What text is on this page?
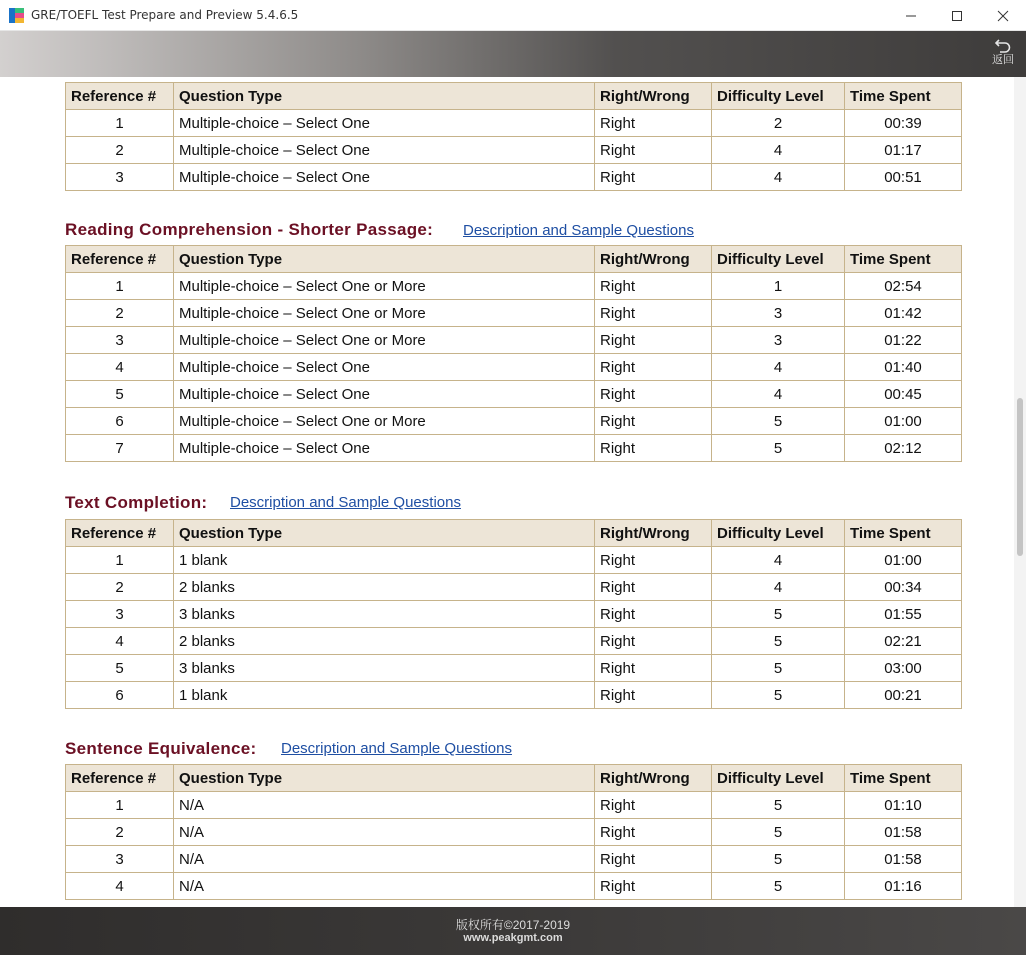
GRE/TOEFL Test Prepare and Preview 5.4.6.5
返回
Reference #	Question Type	Right/Wrong	Difficulty Level	Time Spent
1	Multiple-choice – Select One	Right	2	00:39
2	Multiple-choice – Select One	Right	4	01:17
3	Multiple-choice – Select One	Right	4	00:51
Reading Comprehension - Shorter Passage: Description and Sample Questions
Reference #	Question Type	Right/Wrong	Difficulty Level	Time Spent
1	Multiple-choice – Select One or More	Right	1	02:54
2	Multiple-choice – Select One or More	Right	3	01:42
3	Multiple-choice – Select One or More	Right	3	01:22
4	Multiple-choice – Select One	Right	4	01:40
5	Multiple-choice – Select One	Right	4	00:45
6	Multiple-choice – Select One or More	Right	5	01:00
7	Multiple-choice – Select One	Right	5	02:12
Text Completion: Description and Sample Questions
Reference #	Question Type	Right/Wrong	Difficulty Level	Time Spent
1	1 blank	Right	4	01:00
2	2 blanks	Right	4	00:34
3	3 blanks	Right	5	01:55
4	2 blanks	Right	5	02:21
5	3 blanks	Right	5	03:00
6	1 blank	Right	5	00:21
Sentence Equivalence: Description and Sample Questions
Reference #	Question Type	Right/Wrong	Difficulty Level	Time Spent
1	N/A	Right	5	01:10
2	N/A	Right	5	01:58
3	N/A	Right	5	01:58
4	N/A	Right	5	01:16
版权所有©2017-2019
www.peakgmt.com
